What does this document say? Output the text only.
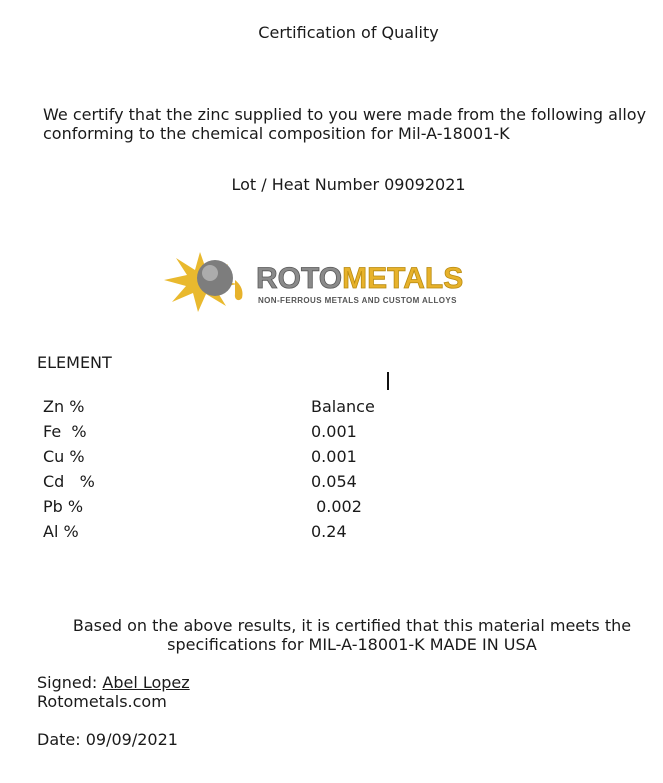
Certification of Quality
We certify that the zinc supplied to you were made from the following alloy
conforming to the chemical composition for Mil-A-18001-K
Lot / Heat Number 09092021
ROTO METALS
NON-FERROUS METALS AND CUSTOM ALLOYS
ELEMENT
Zn %	Balance
Fe  %	0.001
Cu %	0.001
Cd   %	0.054
Pb %	0.002
Al %	0.24
Based on the above results, it is certified that this material meets the
specifications for MIL-A-18001-K MADE IN USA
Signed: Abel Lopez
Rotometals.com
Date: 09/09/2021
